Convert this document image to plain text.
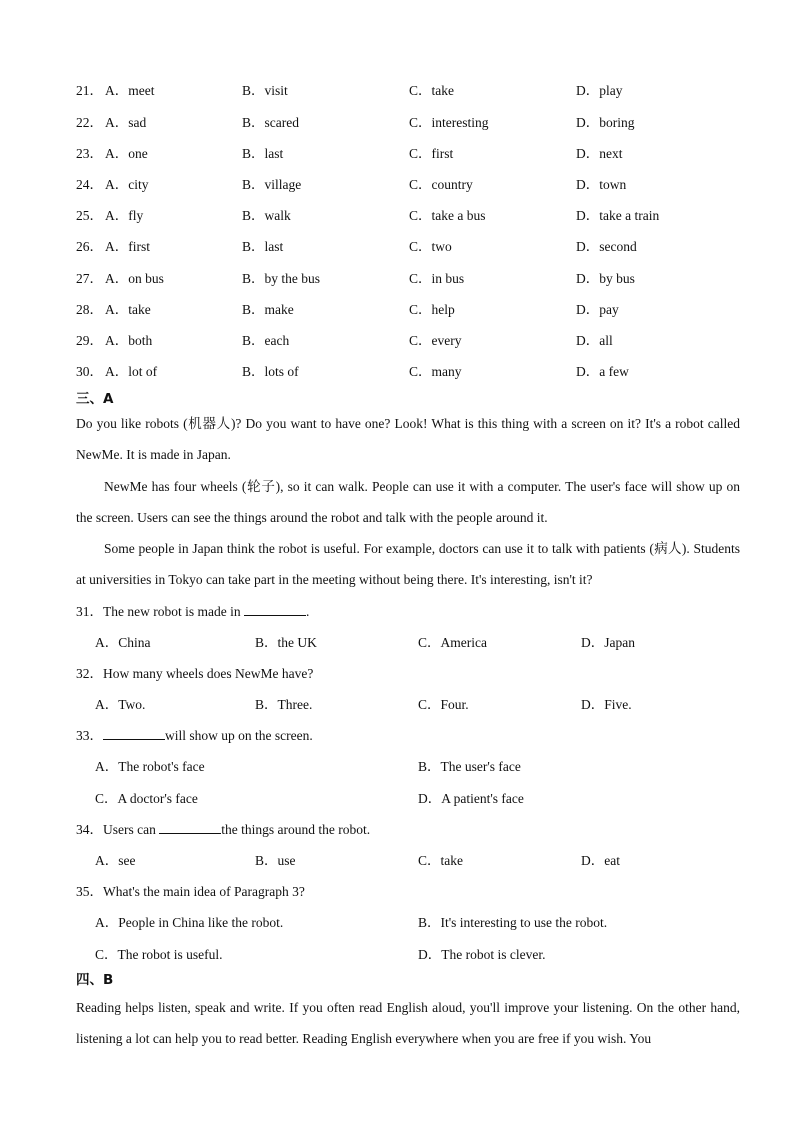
21． A．meet	B．visit	C．take	D．play
22． A．sad	B．scared	C．interesting	D．boring
23． A．one	B．last	C．first	D．next
24． A．city	B．village	C．country	D．town
25． A．fly	B．walk	C．take a bus	D．take a train
26． A．first	B．last	C．two	D．second
27． A．on bus	B．by the bus	C．in bus	D．by bus
28． A．take	B．make	C．help	D．pay
29． A．both	B．each	C．every	D．all
30． A．lot of	B．lots of	C．many	D．a few
三、A
Do you like robots (机器人)? Do you want to have one? Look! What is this thing with a screen on it? It's a robot called NewMe. It is made in Japan.
NewMe has four wheels (轮子), so it can walk. People can use it with a computer. The user's face will show up on the screen. Users can see the things around the robot and talk with the people around it.
Some people in Japan think the robot is useful. For example, doctors can use it to talk with patients (病人). Students at universities in Tokyo can take part in the meeting without being there. It's interesting, isn't it?
31．The new robot is made in	.
A．China	B．the UK	C．America	D．Japan
32．How many wheels does NewMe have?
A．Two.	B．Three.	C．Four.	D．Five.
33．	will show up on the screen.
A．The robot's face	B．The user's face
C．A doctor's face	D．A patient's face
34．Users can	the things around the robot.
A．see	B．use	C．take	D．eat
35．What's the main idea of Paragraph 3?
A．People in China like the robot.	B．It's interesting to use the robot.
C．The robot is useful.	D．The robot is clever.
四、B
Reading helps listen, speak and write. If you often read English aloud, you'll improve your listening. On the other hand, listening a lot can help you to read better. Reading English everywhere when you are free if you wish. You
